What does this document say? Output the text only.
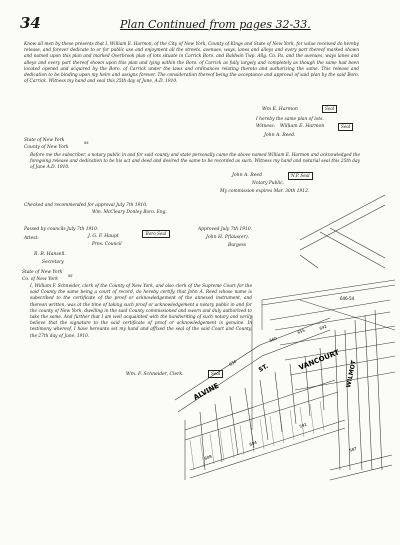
ALVINE
VANCOURT WILMOT
ST.
660
655
646-54
642
634
608
604
591
587
34	Plan Continued from pages 32-33.
Know all men by these presents that I, William E. Harmon, of the City of New York, County of Kings and State of New York, for value received do hereby release, and forever dedicate to or for public use and enjoyment all the streets, avenues, ways, lanes and alleys and every part thereof marked shown and named upon this plan and marked Overbrook plan of lots situate in Carrick Boro. and Baldwin Twp. Allg. Co. Pa. and the avenues, ways lanes and alleys and every part thereof shown upon this plan and lying within the Boro. of Carrick as fully largely and completely as though the same had been located opened and acquired by the Boro. of Carrick under the laws and ordinances relating thereto and authorizing the same. This release and dedication to be binding upon my heirs and assigns forever. The consideration thereof being the acceptance and approval of said plan by the said Boro. of Carrick. Witness my hand and seal this 25th day of June, A.D. 1910.
Wm E. Harmon	Seal
I hereby the same plan of lots.
Witness: William E. Harmon	Seal
John A. Reed.
State of New York
County of New York
ss
Before me the subscriber, a notary public in and for said county and state personally came the above named William E. Harmon and acknowledged the foregoing release and dedication to be his act and deed and desired the same to be recorded as such. Witness my hand and notarial seal this 25th day of June A.D. 1910.
John A. Reed	N.P. Seal
Notary Public.
My commission expires Mar. 30th 1912.
Checked and recommended for approval July 7th 1910.
Wm. McCleary Donley Boro. Eng.
Passed by councils July 7th 1910.
Attest:	J. G. F. Haupt
Pres. Council
Boro Seal
Approved July 7th 1910.
John H. Pflaus(er).
Burgess
R. B. Hansell.
Secretary
State of New York
Co. of New York
ss
I, William F. Schneider, clerk of the County of New York, and also clerk of the Supreme Court for the said County the same being a court of record, do hereby certify, that John A. Reed whose name is subscribed to the certificate of the proof or acknowledgement of the annexed instrument, and thereon written, was at the time of taking such proof or acknowledgement a notary public in and for the county of New York, dwelling in the said County commissioned and sworn and duly authorized to take the same. And further that I am well acquainted with the handwriting of such notary and verily believe that the signature to the said certificate of proof or acknowledgement is genuine. In testimony whereof, I have hereunto set my hand and affixed the seal of the said Court and County, the 27th day of June, 1910.
Wm. F. Schneider, Clerk.	Seal
